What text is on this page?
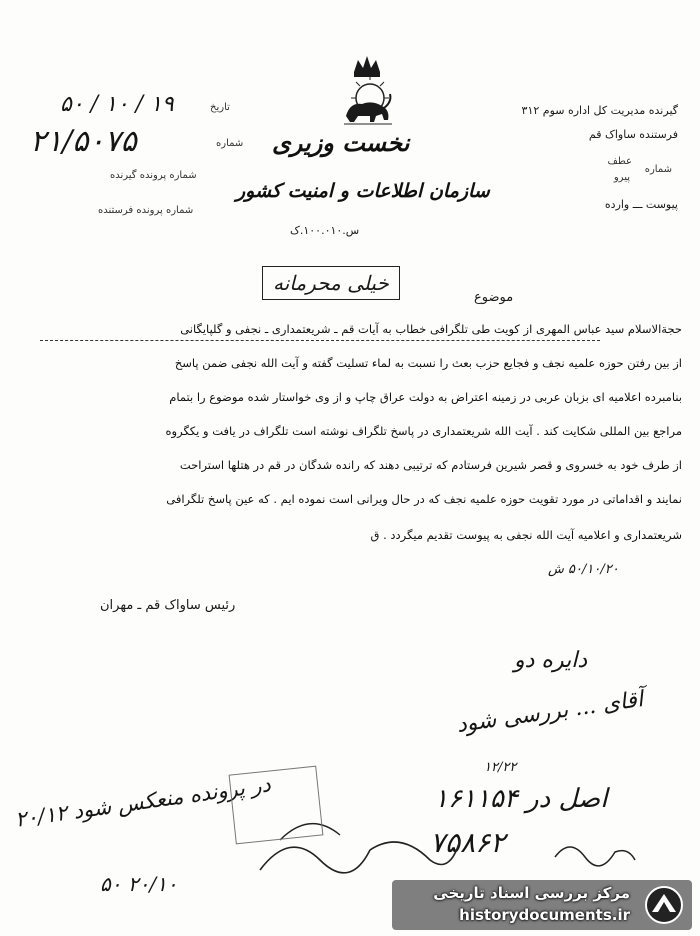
نخست وزیری
سازمان اطلاعات و امنیت کشور
س.۱۰۰.۰۱۰.ک
تاریخ
۱۹ / ۱۰ / ۵۰
شماره
۲۱/۵۰۷۵
شماره پرونده گیرنده
شماره پرونده فرستنده
گیرنده مدیریت کل اداره سوم ۳۱۲
فرستنده ساواک قم
شماره
عطف
پیرو
پیوست ـــ وارده
موضوع
خیلی محرمانه
حجةالاسلام سید عباس المهری از کویت طی تلگرافی خطاب به آیات قم ـ شریعتمداری ـ نجفی و گلپایگانی
از بین رفتن حوزه علمیه نجف و فجایع حزب بعث را نسبت به لماء تسلیت گفته و آیت الله نجفی ضمن پاسخ
بنامبرده اعلامیه ای بزبان عربی در زمینه اعتراض به دولت عراق چاپ و از وی خواستار شده موضوع را بتمام
مراجع بین المللی شکایت کند . آیت الله شریعتمداری در پاسخ تلگراف نوشته است تلگراف در یافت و یکگروه
از طرف خود به خسروی و قصر شیرین فرستادم که ترتیبی دهند که رانده شدگان در قم در هتلها استراحت
نمایند و اقداماتی در مورد تقویت حوزه علمیه نجف که در حال ویرانی است نموده ایم . که عین پاسخ تلگرافی
شریعتمداری و اعلامیه آیت الله نجفی به پیوست تقدیم میگردد . ق
۵۰/۱۰/۲۰ ش
رئیس ساواک قم ـ مهران
دایره دو
آقای ... بررسی شود
۱۲/۲۲
اصل در ۱۶۱۱۵۴
۷۵۸۶۲
در پرونده منعکس شود ۲۰/۱۲
۲۰/۱۰ ۵۰	مرکز بررسی اسناد تاریخی
historydocuments.ir
